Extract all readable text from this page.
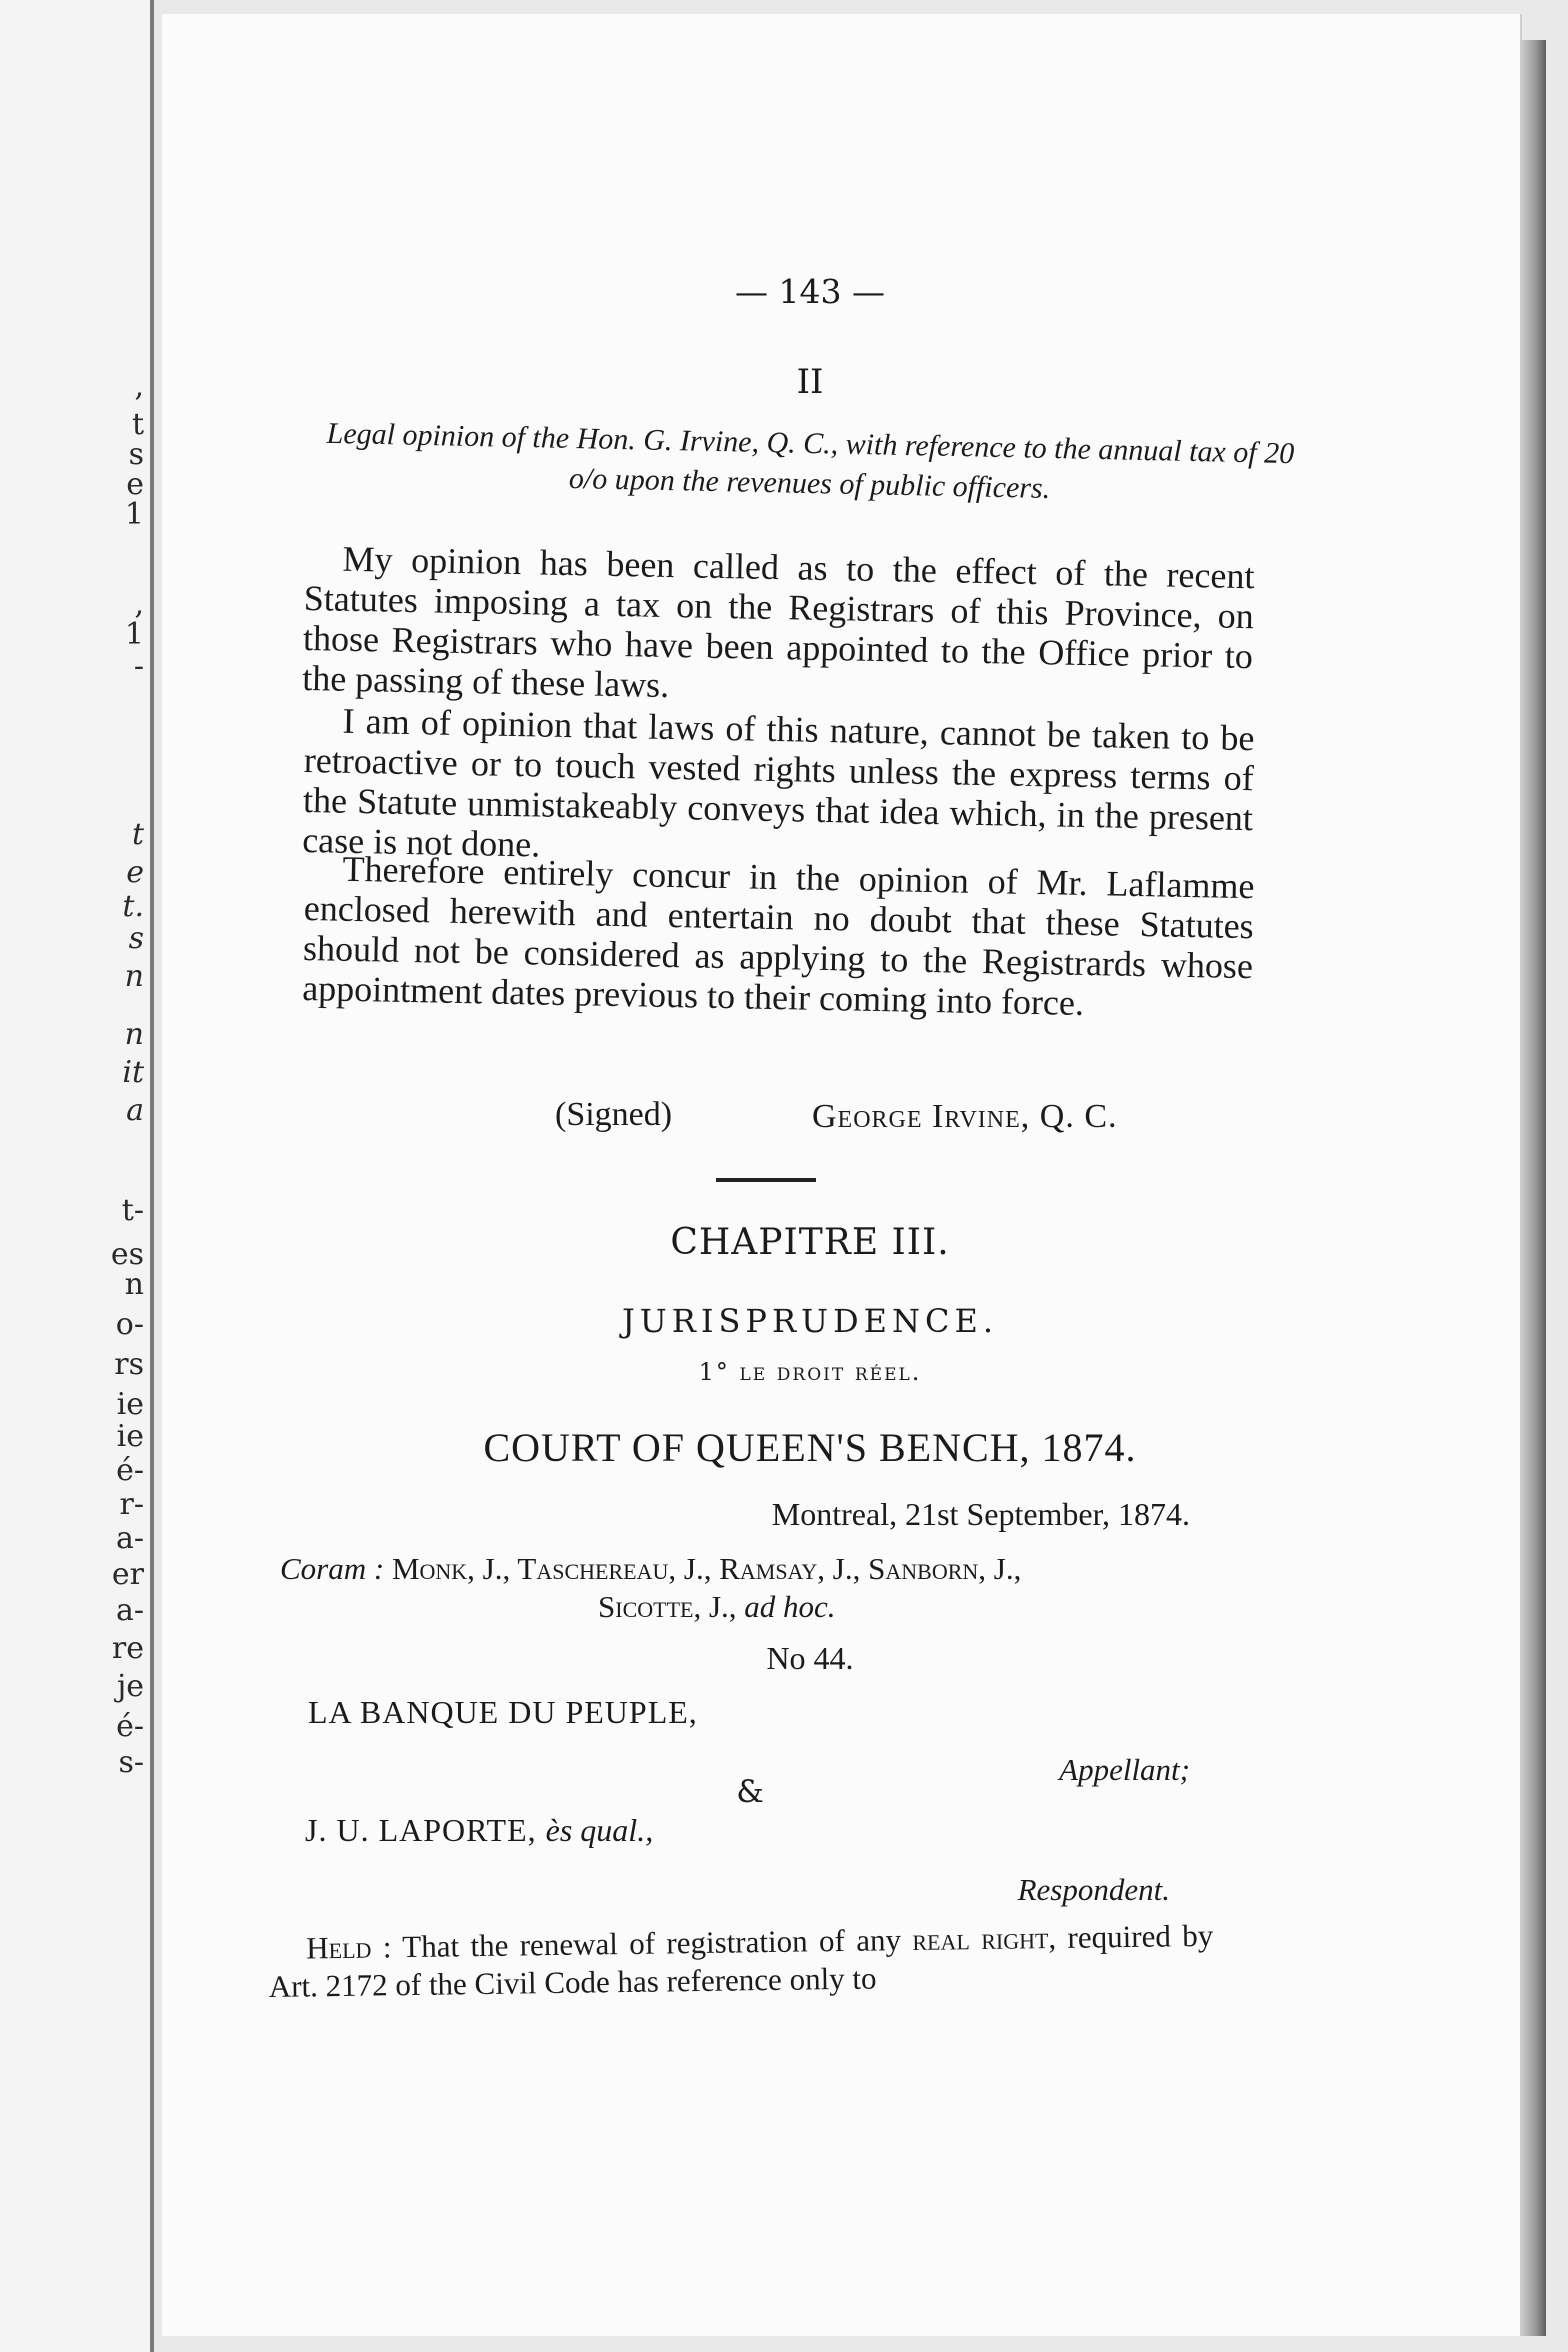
,
t
s
e
1
,
1
-
t
e
t.
s
n
n
it
a
t-
es
n
o-
rs
ie
ie
é-
r-
a-
er
a-
re
je
é-
s-
— 143 —
II
Legal opinion of the Hon. G. Irvine, Q. C., with reference to the annual tax of 20 o/o upon the revenues of public officers.

My opinion has been called as to the effect of the recent Statutes imposing a tax on the Registrars of this Province, on those Registrars who have been appointed to the Office prior to the passing of these laws.

I am of opinion that laws of this nature, cannot be taken to be retroactive or to touch vested rights unless the express terms of the Statute unmistakeably conveys that idea which, in the present case is not done.

Therefore entirely concur in the opinion of Mr. Laflamme enclosed herewith and entertain no doubt that these Statutes should not be considered as applying to the Registrards whose appointment dates previous to their coming into force.

(Signed)	George Irvine, Q. C.
CHAPITRE III.
JURISPRUDENCE.
1° le droit réel.
COURT OF QUEEN'S BENCH, 1874.
Montreal, 21st September, 1874.
Coram : Monk, J., Taschereau, J., Ramsay, J., Sanborn, J.,
Sicotte, J., ad hoc.
No 44.
LA BANQUE DU PEUPLE,
Appellant;
&
J. U. LAPORTE, ès qual.,
Respondent.

Held : That the renewal of registration of any real right, required by Art. 2172 of the Civil Code has reference only to
